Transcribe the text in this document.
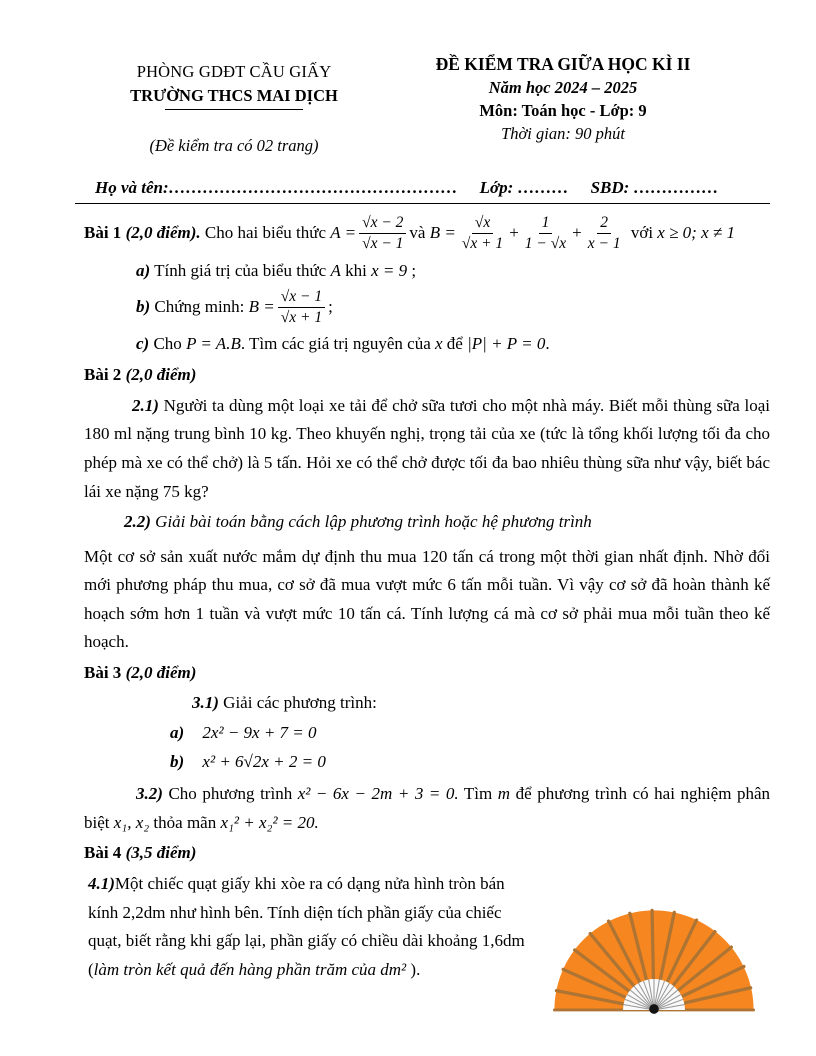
PHÒNG GDĐT CẦU GIẤY
TRƯỜNG THCS MAI DỊCH
(Đề kiểm tra có 02 trang)
ĐỀ KIỂM TRA GIỮA HỌC KÌ II
Năm học 2024 – 2025
Môn: Toán học - Lớp: 9
Thời gian: 90 phút
Họ và tên:…………………………………………… Lớp: ……… SBD: ……………
Bài 1
(2,0 điểm).
Cho hai biểu thức
$A = \frac{√x - 2}{√x - 1}$ và
$B = \frac{√x}{√x + 1} + \frac{1}{1 - √x} + \frac{2}{x - 1}$
với
x ≥ 0; x ≠ 1
a) Tính giá trị của biểu thức A khi x = 9 ;
b)
Chứng minh:
$B = \frac{√x - 1}{√x + 1}$ ;
c) Cho P = A.B. Tìm các giá trị nguyên của x để |P| + P = 0.
Bài 2 (2,0 điểm)
2.1) Người ta dùng một loại xe tải để chở sữa tươi cho một nhà máy. Biết mỗi thùng sữa loại 180 ml nặng trung bình 10 kg. Theo khuyến nghị, trọng tải của xe (tức là tổng khối lượng tối đa cho phép mà xe có thể chở) là 5 tấn. Hỏi xe có thể chở được tối đa bao nhiêu thùng sữa như vậy, biết bác lái xe nặng 75 kg?
2.2) Giải bài toán bằng cách lập phương trình hoặc hệ phương trình
Một cơ sở sản xuất nước mắm dự định thu mua 120 tấn cá trong một thời gian nhất định. Nhờ đổi mới phương pháp thu mua, cơ sở đã mua vượt mức 6 tấn mỗi tuần. Vì vậy cơ sở đã hoàn thành kế hoạch sớm hơn 1 tuần và vượt mức 10 tấn cá. Tính lượng cá mà cơ sở phải mua mỗi tuần theo kế hoạch.
Bài 3 (2,0 điểm)
3.1) Giải các phương trình:
a) 2x² − 9x + 7 = 0
b) x² + 6√2x + 2 = 0
3.2) Cho phương trình x² − 6x − 2m + 3 = 0. Tìm m để phương trình có hai nghiệm phân biệt x₁, x₂ thỏa mãn x₁² + x₂² = 20.
Bài 4 (3,5 điểm)
4.1)Một chiếc quạt giấy khi xòe ra có dạng nửa hình tròn bán kính 2,2dm như hình bên. Tính diện tích phần giấy của chiếc quạt, biết rằng khi gấp lại, phần giấy có chiều dài khoảng 1,6dm (làm tròn kết quả đến hàng phần trăm của dm² ).
